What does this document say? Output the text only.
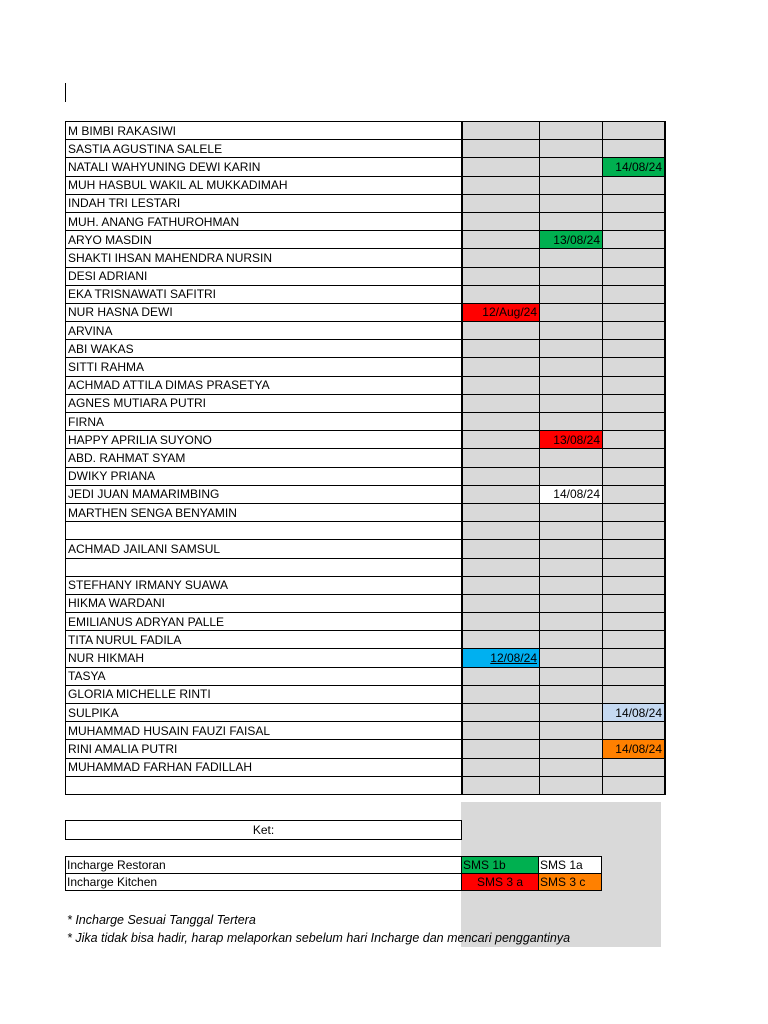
M BIMBI RAKASIWI			
SASTIA AGUSTINA SALELE			
NATALI WAHYUNING DEWI KARIN			14/08/24
MUH HASBUL WAKIL AL MUKKADIMAH			
INDAH TRI LESTARI			
MUH. ANANG FATHUROHMAN			
ARYO MASDIN		13/08/24	
SHAKTI IHSAN MAHENDRA NURSIN			
DESI ADRIANI			
EKA TRISNAWATI SAFITRI			
NUR HASNA DEWI	12/Aug/24		
ARVINA			
ABI WAKAS			
SITTI RAHMA			
ACHMAD ATTILA DIMAS PRASETYA			
AGNES MUTIARA PUTRI			
FIRNA			
HAPPY APRILIA SUYONO		13/08/24	
ABD. RAHMAT SYAM			
DWIKY PRIANA			
JEDI JUAN MAMARIMBING		14/08/24	
MARTHEN SENGA BENYAMIN			

ACHMAD JAILANI SAMSUL			

STEFHANY IRMANY SUAWA			
HIKMA WARDANI			
EMILIANUS ADRYAN PALLE			
TITA NURUL FADILA			
NUR HIKMAH	12/08/24		
TASYA			
GLORIA MICHELLE RINTI			
SULPIKA			14/08/24
MUHAMMAD HUSAIN FAUZI FAISAL			
RINI AMALIA PUTRI			14/08/24
MUHAMMAD FARHAN FADILLAH			

Ket:
Incharge Restoran	SMS 1b	SMS 1a
Incharge Kitchen	SMS 3 a	SMS 3 c
* Incharge Sesuai Tanggal Tertera
* Jika tidak bisa hadir, harap melaporkan sebelum hari Incharge dan mencari penggantinya
